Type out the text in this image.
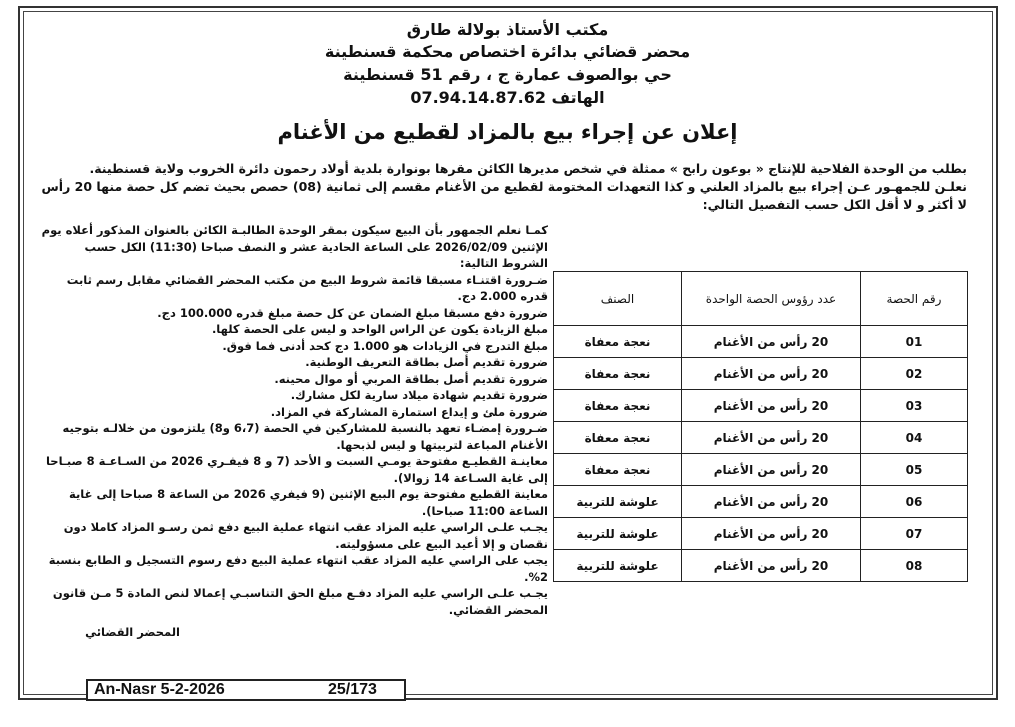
مكتب الأستاذ بولالة طارق
محضر قضائي بدائرة اختصاص محكمة قسنطينة
حي بوالصوف عمارة ج ، رقم 51 قسنطينة
الهاتف 07.94.14.87.62
إعلان عن إجراء بيع بالمزاد لقطيع من الأغنام
بطلب من الوحدة الفلاحية للإنتاج « بوعون رابح » ممثلة في شخص مديرها الكائن مقرها بونوارة بلدية أولاد رحمون دائرة الخروب ولاية قسنطينة.
نعلـن للجمهـور عـن إجراء بيع بالمزاد العلني و كذا التعهدات المختومة لقطيع من الأغنام مقسم إلى ثمانية (08) حصص بحيث تضم كل حصة منها 20 رأس لا أكثر و لا أقل الكل حسب التفصيل التالي:

كمـا نعلم الجمهور بأن البيع سيكون بمقر الوحدة الطالبـة الكائن بالعنوان المذكور أعلاه يوم الإثنين 2026/02/09 على الساعة الحادية عشر و النصف صباحا (11:30) الكل حسب الشروط التالية:

ضـرورة اقتنـاء مسبقا قائمة شروط البيع من مكتب المحضر القضائي مقابل رسم ثابت قدره 2.000 دج.

ضرورة دفع مسبقا مبلغ الضمان عن كل حصة مبلغ قدره 100.000 دج.

مبلغ الزيادة يكون عن الراس الواحد و ليس على الحصة كلها.

مبلغ التدرج في الزيادات هو 1.000 دج كحد أدنى فما فوق.

ضرورة تقديم أصل بطاقة التعريف الوطنية.

ضرورة تقديم أصل بطاقة المربي أو موال محينه.

ضرورة تقديم شهادة ميلاد سارية لكل مشارك.

ضرورة ملئ و إيداع استمارة المشاركة في المزاد.

ضـرورة إمضـاء تعهد بالنسبة للمشاركين في الحصة (6،7 و8) يلتزمون من خلالـه بتوجيه الأغنام المباعة لتربيتها و ليس لذبحها.

معاينـة القطيـع مفتوحة يومـي السبت و الأحد (7 و 8 فيفـري 2026 من السـاعـة 8 صبـاحا إلى غاية السـاعة 14 زوالا).

معاينة القطيع مفتوحة يوم البيع الإثنين (9 فيفري 2026 من الساعة 8 صباحا إلى غاية الساعة 11:00 صباحا).

يجـب علـى الراسي عليه المزاد عقب انتهاء عملية البيع دفع ثمن رسـو المزاد كاملا دون نقصان و إلا أعيد البيع على مسؤوليته.

يجب على الراسي عليه المزاد عقب انتهاء عملية البيع دفع رسوم التسجيل و الطابع بنسبة 2%.

يجـب علـى الراسي عليه المزاد دفـع مبلغ الحق التناسبـي إعمالا لنص المادة 5 مـن قانون المحضر القضائي.

المحضر القضائي
رقم الحصة	عدد رؤوس الحصة الواحدة	الصنف
01	20 رأس من الأغنام	نعجة معفاة
02	20 رأس من الأغنام	نعجة معفاة
03	20 رأس من الأغنام	نعجة معفاة
04	20 رأس من الأغنام	نعجة معفاة
05	20 رأس من الأغنام	نعجة معفاة
06	20 رأس من الأغنام	علوشة للتربية
07	20 رأس من الأغنام	علوشة للتربية
08	20 رأس من الأغنام	علوشة للتربية
An-Nasr 5-2-2026	25/173
